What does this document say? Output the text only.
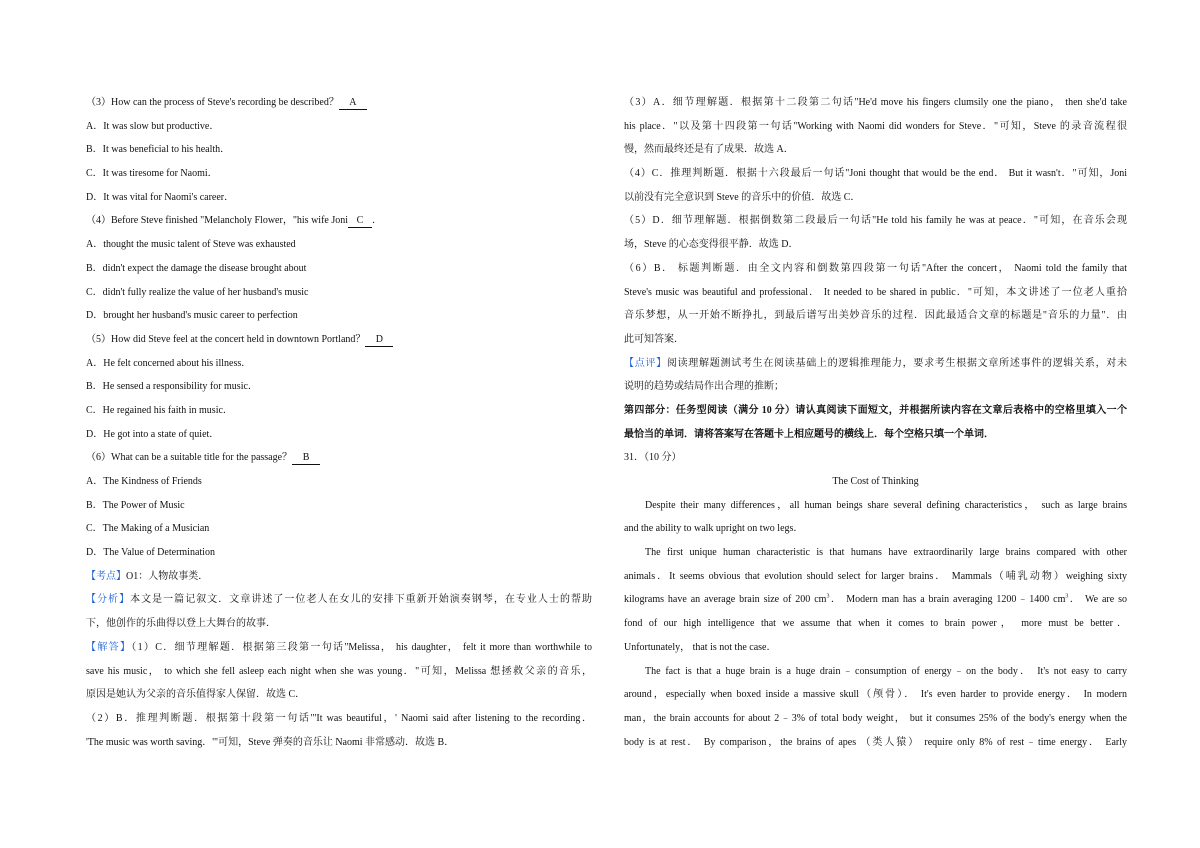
（3）How can the process of Steve's recording be described？ A
A．It was slow but productive．
B．It was beneficial to his health．
C．It was tiresome for Naomi．
D．It was vital for Naomi's career．
（4）Before Steve finished "Melancholy Flower，"his wife Joni C ．
A．thought the music talent of Steve was exhausted
B．didn't expect the damage the disease brought about
C．didn't fully realize the value of her husband's music
D．brought her husband's music career to perfection
（5）How did Steve feel at the concert held in downtown Portland？ D
A．He felt concerned about his illness．
B．He sensed a responsibility for music．
C．He regained his faith in music．
D．He got into a state of quiet．
（6）What can be a suitable title for the passage？ B
A．The Kindness of Friends
B．The Power of Music
C．The Making of a Musician
D．The Value of Determination
【考点】O1：人物故事类．
【分析】本文是一篇记叙文．文章讲述了一位老人在女儿的安排下重新开始演奏钢琴，在专业人士的帮助
下，他创作的乐曲得以登上大舞台的故事．
【解答】（1）C．细节理解题．根据第三段第一句话"Melissa， his daughter， felt it more than worthwhile to
save his music， to which she fell asleep each night when she was young．"可知，Melissa 想拯救父亲的音乐，
原因是她认为父亲的音乐值得家人保留．故选 C．
（2）B．推理判断题．根据第十段第一句话"'It was beautiful，' Naomi said after listening to the recording．
'The music was worth saving．'"可知，Steve 弹奏的音乐让 Naomi 非常感动．故选 B．
（3）A．细节理解题．根据第十二段第二句话"He'd move his fingers clumsily one the piano， then she'd take
his place．"以及第十四段第一句话"Working with Naomi did wonders for Steve．"可知，Steve 的录音流程很
慢，然而最终还是有了成果．故选 A．
（4）C．推理判断题．根据十六段最后一句话"Joni thought that would be the end． But it wasn't．"可知，Joni
以前没有完全意识到 Steve 的音乐中的价值．故选 C．
（5）D．细节理解题．根据倒数第二段最后一句话"He told his family he was at peace．"可知，在音乐会现
场，Steve 的心态变得很平静．故选 D．
（6）B． 标题判断题．由全文内容和倒数第四段第一句话"After the concert， Naomi told the family that
Steve's music was beautiful and professional． It needed to be shared in public．"可知，本文讲述了一位老人重拾
音乐梦想，从一开始不断挣扎，到最后谱写出美妙音乐的过程．因此最适合文章的标题是"音乐的力量"．由
此可知答案．
【点评】阅读理解题测试考生在阅读基础上的逻辑推理能力，要求考生根据文章所述事件的逻辑关系，对未
说明的趋势或结局作出合理的推断；
第四部分：任务型阅读（满分 10 分）请认真阅读下面短文，并根据所读内容在文章后表格中的空格里填入一个
最恰当的单词．请将答案写在答题卡上相应题号的横线上．每个空格只填一个单词．
31．（10 分）
The Cost of Thinking
Despite their many differences，all human beings share several defining characteristics， such as large brains
and the ability to walk upright on two legs．
The first unique human characteristic is that humans have extraordinarily large brains compared with other
animals．It seems obvious that evolution should select for larger brains． Mammals（哺乳动物）weighing sixty
kilograms have an average brain size of 200 $cm^3$． Modern man has a brain averaging 1200﹣1400 $cm^3$． We are so
fond of our high intelligence that we assume that when it comes to brain power， more must be better．
Unfortunately， that is not the case．
The fact is that a huge brain is a huge drain﹣consumption of energy﹣on the body． It's not easy to carry
around，especially when boxed inside a massive skull（颅骨）． It's even harder to provide energy． In modern
man，the brain accounts for about 2﹣3% of total body weight， but it consumes 25% of the body's energy when the
body is at rest． By comparison，the brains of apes （类人猿） require only 8% of rest﹣time energy． Early
